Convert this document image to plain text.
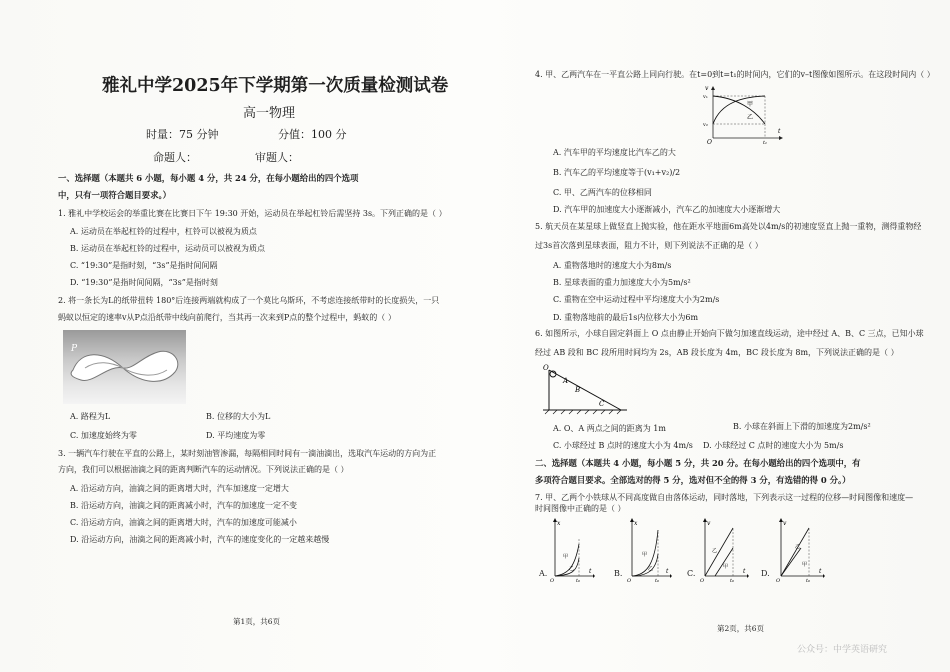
雅礼中学2025年下学期第一次质量检测试卷
高一物理
时量：75 分钟	分值：100 分
命题人：	审题人：
一、选择题（本题共 6 小题，每小题 4 分，共 24 分，在每小题给出的四个选项
中，只有一项符合题目要求。）
1. 雅礼中学校运会的举重比赛在比赛日下午 19:30 开始，运动员在举起杠铃后需坚持 3s。下列正确的是（ ）
A. 运动员在举起杠铃的过程中，杠铃可以被视为质点
B. 运动员在举起杠铃的过程中，运动员可以被视为质点
C. “19:30”是指时刻，“3s”是指时间间隔
D. “19:30”是指时间间隔，“3s”是指时刻
2. 将一条长为L的纸带扭转 180°后连接两端就构成了一个莫比乌斯环，不考虑连接纸带时的长度损失，一只
蚂蚁以恒定的速率v从P点沿纸带中线向前爬行，当其再一次来到P点的整个过程中，蚂蚁的（ ）
P
A. 路程为L	B. 位移的大小为L
C. 加速度始终为零	D. 平均速度为零
3. 一辆汽车行驶在平直的公路上，某时刻油管渗漏，每隔相同时间有一滴油滴出，选取汽车运动的方向为正
方向，我们可以根据油滴之间的距离判断汽车的运动情况。下列说法正确的是（ ）
A. 沿运动方向，油滴之间的距离增大时，汽车加速度一定增大
B. 沿运动方向，油滴之间的距离减小时，汽车的加速度一定不变
C. 沿运动方向，油滴之间的距离增大时，汽车的加速度可能减小
D. 沿运动方向，油滴之间的距离减小时，汽车的速度变化的一定越来越慢
第1页，共6页
4. 甲、乙两汽车在一平直公路上同向行驶。在t=0到t=t₁的时间内，它们的v–t图像如图所示。在这段时间内（ ）
v₁
v₂
v
t
O	t₁
甲
乙
A. 汽车甲的平均速度比汽车乙的大
B. 汽车乙的平均速度等于(v₁+v₂)/2
C. 甲、乙两汽车的位移相同
D. 汽车甲的加速度大小逐渐减小，汽车乙的加速度大小逐渐增大
5. 航天员在某星球上做竖直上抛实验，他在距水平地面6m高处以4m/s的初速度竖直上抛一重物，测得重物经
过3s首次落到星球表面，阻力不计，则下列说法不正确的是（ ）
A. 重物落地时的速度大小为8m/s
B. 星球表面的重力加速度大小为5m/s²
C. 重物在空中运动过程中平均速度大小为2m/s
D. 重物落地前的最后1s内位移大小为6m
6. 如图所示，小球自固定斜面上 O 点由静止开始向下做匀加速直线运动，途中经过 A、B、C 三点，已知小球
经过 AB 段和 BC 段所用时间均为 2s，AB 段长度为 4m，BC 段长度为 8m，下列说法正确的是（ ）
O
A
B
C
A. O、A 两点之间的距离为 1m	B. 小球在斜面上下滑的加速度为2m/s²
C. 小球经过 B 点时的速度大小为 4m/s D. 小球经过 C 点时的速度大小为 5m/s
二、选择题（本题共 4 小题，每小题 5 分，共 20 分。在每小题给出的四个选项中，有
多项符合题目要求。全部选对的得 5 分，选对但不全的得 3 分，有选错的得 0 分。）
7. 甲、乙两个小铁球从不同高度做自由落体运动，同时落地，下列表示这一过程的位移—时间图像和速度—
时间图像中正确的是（ ）
A.
x
t
甲
乙
t₀
O
B.
x
t
甲
乙
t₀
O
C.
v
t
乙
甲
t₀
O
D.
v
t
乙
甲
t₀
O
第2页，共6页
公众号：中学英语研究
